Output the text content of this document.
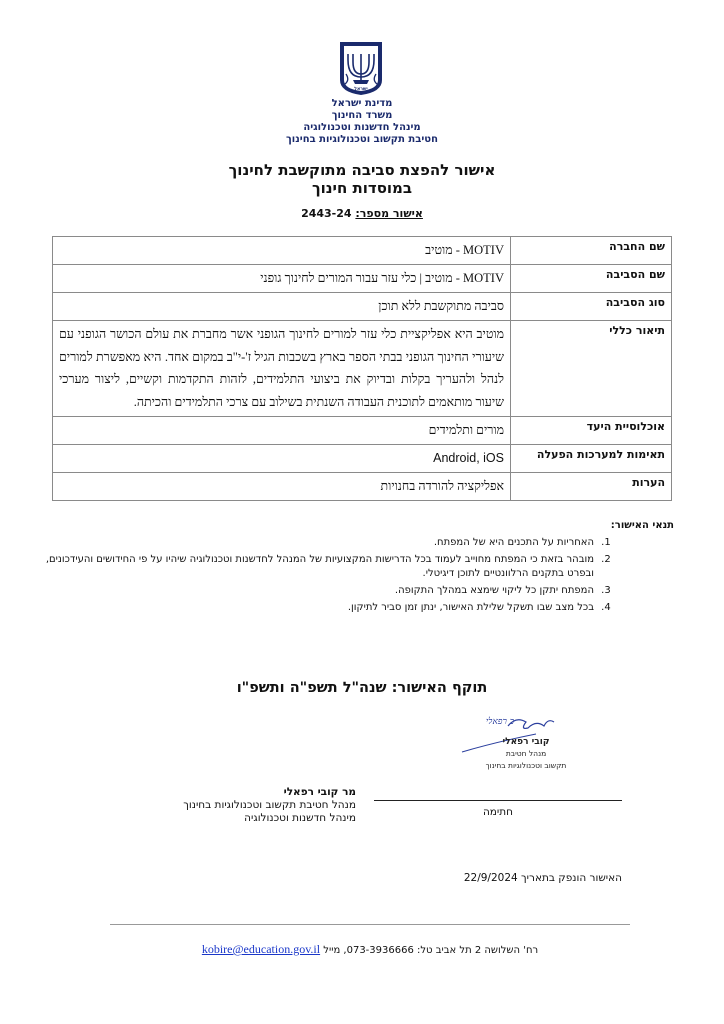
ישראל
מדינת ישראל
משרד החינוך
מינהל חדשנות וטכנולוגיה
חטיבת תקשוב וטכנולוגיות בחינוך
אישור להפצת סביבה מתוקשבת לחינוך
במוסדות חינוך
אישור מספר: 2443-24
שם החברה	MOTIV - מוטיב
שם הסביבה	MOTIV - מוטיב | כלי עזר עבור המורים לחינוך גופני
סוג הסביבה	סביבה מתוקשבת ללא תוכן
תיאור כללי	מוטיב היא אפליקציית כלי עזר למורים לחינוך הגופני אשר מחברת את עולם הכושר הגופני עם שיעורי החינוך הגופני בבתי הספר בארץ בשכבות הגיל ז'-י"ב במקום אחד. היא מאפשרת למורים לנהל ולהעריך בקלות ובדיוק את ביצועי התלמידים, לזהות התקדמות וקשיים, ליצור מערכי שיעור מותאמים לתוכנית העבודה השנתית בשילוב עם צרכי התלמידים והכיתה.
אוכלוסיית היעד	מורים ותלמידים
תאימות למערכות הפעלה	Android, iOS
הערות	אפליקציה להורדה בחנויות
תנאי האישור:
1. האחריות על התכנים היא של המפתח.
2. מובהר בזאת כי המפתח מחוייב לעמוד בכל הדרישות המקצועיות של המנהל לחדשנות וטכנולוגיה שיהיו על פי החידושים והעידכונים, ובפרט בתקנים הרלוונטיים לתוכן דיגיטלי.
3. המפתח יתקן כל ליקוי שימצא במהלך התקופה.
4. בכל מצב שבו תשקל שלילת האישור, ינתן זמן סביר לתיקון.
תוקף האישור: שנה"ל תשפ"ה ותשפ"ו
כ רפאלי
קובי רפאלי
מנהל חטיבת
תקשוב וטכנולוגיות בחינוך
חתימה
מר קובי רפאלי
מנהל חטיבת תקשוב וטכנולוגיות בחינוך
מינהל חדשנות וטכנולוגיה
האישור הונפק בתאריך 22/9/2024
רח' השלושה 2 תל אביב טל: 073-3936666, מייל kobire@education.gov.il
